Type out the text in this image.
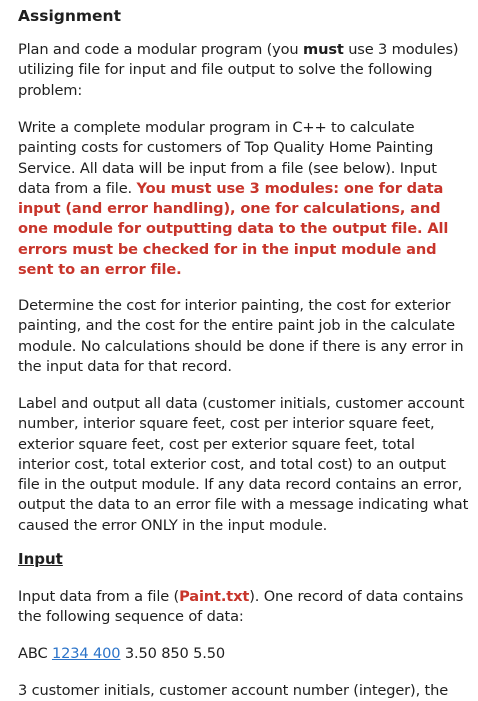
Assignment

Plan and code a modular program (you must use 3 modules) utilizing file for input and file output to solve the following problem:

Write a complete modular program in C++ to calculate painting costs for customers of Top Quality Home Painting Service. All data will be input from a file (see below). Input data from a file. You must use 3 modules: one for data input (and error handling), one for calculations, and one module for outputting data to the output file. All errors must be checked for in the input module and sent to an error file.

Determine the cost for interior painting, the cost for exterior painting, and the cost for the entire paint job in the calculate module. No calculations should be done if there is any error in the input data for that record.

Label and output all data (customer initials, customer account number, interior square feet, cost per interior square feet, exterior square feet, cost per exterior square feet, total interior cost, total exterior cost, and total cost) to an output file in the output module. If any data record contains an error, output the data to an error file with a message indicating what caused the error ONLY in the input module.

Input

Input data from a file (Paint.txt). One record of data contains the following sequence of data:

ABC 1234 400 3.50 850 5.50

3 customer initials, customer account number (integer), the
